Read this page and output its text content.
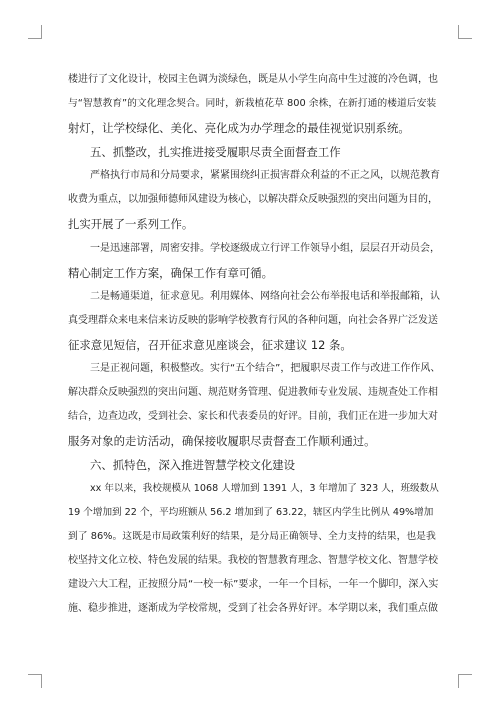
楼进行了文化设计，校园主色调为淡绿色，既是从小学生向高中生过渡的冷色调，也
与“智慧教育”的文化理念契合。同时，新栽植花草 800 余株，在新打通的楼道后安装
射灯，让学校绿化、美化、亮化成为办学理念的最佳视觉识别系统。
五、抓整改，扎实推进接受履职尽责全面督查工作
严格执行市局和分局要求，紧紧围绕纠正损害群众利益的不正之风，以规范教育
收费为重点，以加强师德师风建设为核心，以解决群众反映强烈的突出问题为目的，
扎实开展了一系列工作。
一是迅速部署，周密安排。学校逐级成立行评工作领导小组，层层召开动员会，
精心制定工作方案，确保工作有章可循。
二是畅通渠道，征求意见。利用媒体、网络向社会公布举报电话和举报邮箱，认
真受理群众来电来信来访反映的影响学校教育行风的各种问题，向社会各界广泛发送
征求意见短信，召开征求意见座谈会，征求建议 12 条。
三是正视问题，积极整改。实行“五个结合”，把履职尽责工作与改进工作作风、
解决群众反映强烈的突出问题、规范财务管理、促进教师专业发展、违规查处工作相
结合，边查边改，受到社会、家长和代表委员的好评。目前，我们正在进一步加大对
服务对象的走访活动，确保接收履职尽责督查工作顺利通过。
六、抓特色，深入推进智慧学校文化建设
xx 年以来，我校规模从 1068 人增加到 1391 人，3 年增加了 323 人，班级数从
19 个增加到 22 个，平均班额从 56.2 增加到了 63.22，辖区内学生比例从 49%增加
到了 86%。这既是市局政策利好的结果，是分局正确领导、全力支持的结果，也是我
校坚持文化立校、特色发展的结果。我校的智慧教育理念、智慧学校文化、智慧学校
建设六大工程，正按照分局“一校一标”要求，一年一个目标，一年一个脚印，深入实
施、稳步推进，逐渐成为学校常规，受到了社会各界好评。本学期以来，我们重点做
